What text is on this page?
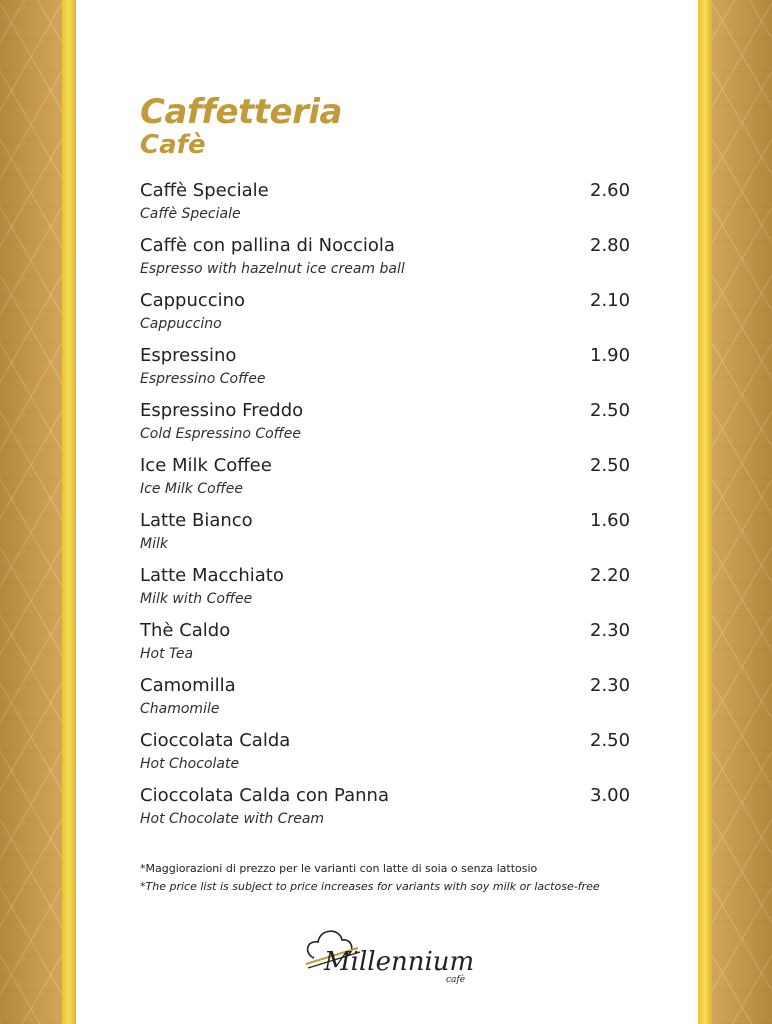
Caffetteria
Cafè
Caffè Speciale
Caffè Speciale
2.60
Caffè con pallina di Nocciola
Espresso with hazelnut ice cream ball
2.80
Cappuccino
Cappuccino
2.10
Espressino
Espressino Coffee
1.90
Espressino Freddo
Cold Espressino Coffee
2.50
Ice Milk Coffee
Ice Milk Coffee
2.50
Latte Bianco
Milk
1.60
Latte Macchiato
Milk with Coffee
2.20
Thè Caldo
Hot Tea
2.30
Camomilla
Chamomile
2.30
Cioccolata Calda
Hot Chocolate
2.50
Cioccolata Calda con Panna
Hot Chocolate with Cream
3.00
*Maggiorazioni di prezzo per le varianti con latte di soia o senza lattosio
*The price list is subject to price increases for variants with soy milk or lactose-free
Millennium
cafè
